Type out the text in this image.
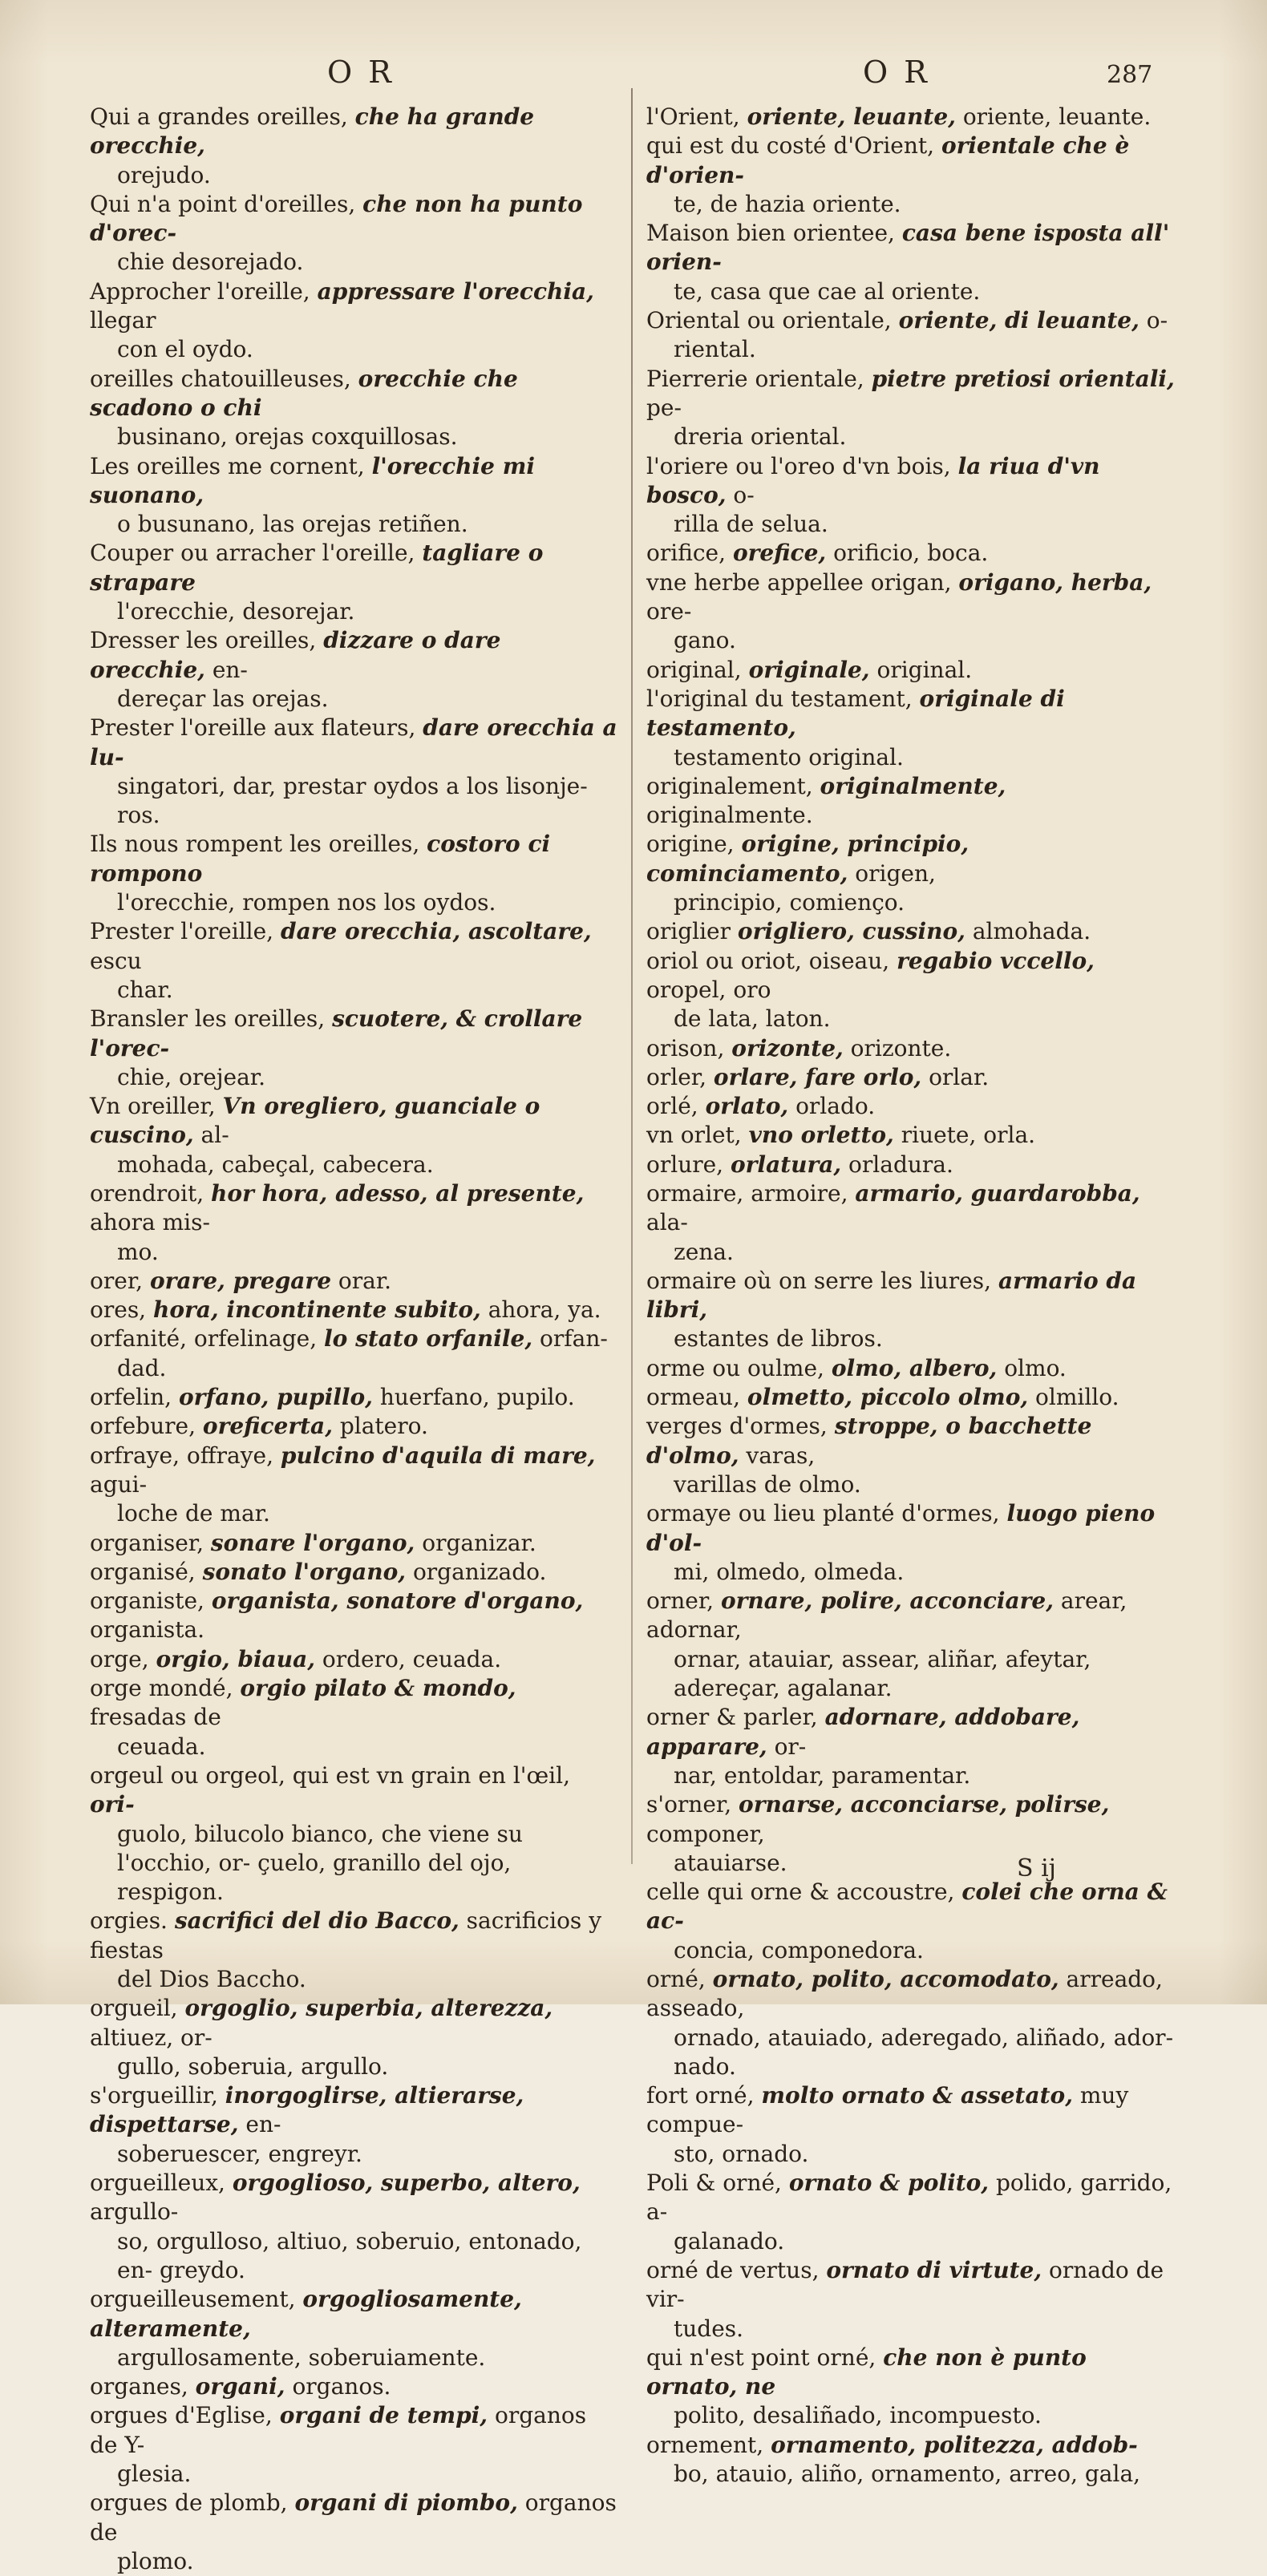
O R	O R	287

Qui a grandes oreilles, che ha grande orecchie,
orejudo.

Qui n'a point d'oreilles, che non ha punto d'orec-
chie desorejado.

Approcher l'oreille, appressare l'orecchia, llegar
con el oydo.

oreilles chatouilleuses, orecchie che scadono o chi
businano, orejas coxquillosas.

Les oreilles me cornent, l'orecchie mi suonano,
o busunano, las orejas retiñen.

Couper ou arracher l'oreille, tagliare o strapare
l'orecchie, desorejar.

Dresser les oreilles, dizzare o dare orecchie, en-
dereçar las orejas.

Prester l'oreille aux flateurs, dare orecchia a lu-
singatori, dar, prestar oydos a los lisonje- ros.

Ils nous rompent les oreilles, costoro ci rompono
l'orecchie, rompen nos los oydos.

Prester l'oreille, dare orecchia, ascoltare, escu
char.

Bransler les oreilles, scuotere, & crollare l'orec-
chie, orejear.

Vn oreiller, Vn oregliero, guanciale o cuscino, al-
mohada, cabeçal, cabecera.

orendroit, hor hora, adesso, al presente, ahora mis-
mo.

orer, orare, pregare orar.

ores, hora, incontinente subito, ahora, ya.

orfanité, orfelinage, lo stato orfanile, orfan-
dad.

orfelin, orfano, pupillo, huerfano, pupilo.

orfebure, oreficerta, platero.

orfraye, offraye, pulcino d'aquila di mare, agui-
loche de mar.

organiser, sonare l'organo, organizar.

organisé, sonato l'organo, organizado.

organiste, organista, sonatore d'organo, organista.

orge, orgio, biaua, ordero, ceuada.

orge mondé, orgio pilato & mondo, fresadas de
ceuada.

orgeul ou orgeol, qui est vn grain en l'œil, ori-
guolo, bilucolo bianco, che viene su l'occhio, or- çuelo, granillo del ojo, respigon.

orgies. sacrifici del dio Bacco, sacrificios y fiestas
del Dios Baccho.

orgueil, orgoglio, superbia, alterezza, altiuez, or-
gullo, soberuia, argullo.

s'orgueillir, inorgoglirse, altierarse, dispettarse, en-
soberuescer, engreyr.

orgueilleux, orgoglioso, superbo, altero, argullo-
so, orgulloso, altiuo, soberuio, entonado, en- greydo.

orgueilleusement, orgogliosamente, alteramente,
argullosamente, soberuiamente.

organes, organi, organos.

orgues d'Eglise, organi de tempi, organos de Y-
glesia.

orgues de plomb, organi di piombo, organos de
plomo.

l'Orient, oriente, leuante, oriente, leuante.

qui est du costé d'Orient, orientale che è d'orien-
te, de hazia oriente.

Maison bien orientee, casa bene isposta all' orien-
te, casa que cae al oriente.

Oriental ou orientale, oriente, di leuante, o-
riental.

Pierrerie orientale, pietre pretiosi orientali, pe-
dreria oriental.

l'oriere ou l'oreo d'vn bois, la riua d'vn bosco, o-
rilla de selua.

orifice, orefice, orificio, boca.

vne herbe appellee origan, origano, herba, ore-
gano.

original, originale, original.

l'original du testament, originale di testamento,
testamento original.

originalement, originalmente, originalmente.

origine, origine, principio, cominciamento, origen,
principio, comienço.

origlier origliero, cussino, almohada.

oriol ou oriot, oiseau, regabio vccello, oropel, oro
de lata, laton.

orison, orizonte, orizonte.

orler, orlare, fare orlo, orlar.

orlé, orlato, orlado.

vn orlet, vno orletto, riuete, orla.

orlure, orlatura, orladura.

ormaire, armoire, armario, guardarobba, ala-
zena.

ormaire où on serre les liures, armario da libri,
estantes de libros.

orme ou oulme, olmo, albero, olmo.

ormeau, olmetto, piccolo olmo, olmillo.

verges d'ormes, stroppe, o bacchette d'olmo, varas,
varillas de olmo.

ormaye ou lieu planté d'ormes, luogo pieno d'ol-
mi, olmedo, olmeda.

orner, ornare, polire, acconciare, arear, adornar,
ornar, atauiar, assear, aliñar, afeytar, adereçar, agalanar.

orner & parler, adornare, addobare, apparare, or-
nar, entoldar, paramentar.

s'orner, ornarse, acconciarse, polirse, componer,
atauiarse.

celle qui orne & accoustre, colei che orna & ac-
concia, componedora.

orné, ornato, polito, accomodato, arreado, asseado,
ornado, atauiado, aderegado, aliñado, ador- nado.

fort orné, molto ornato & assetato, muy compue-
sto, ornado.

Poli & orné, ornato & polito, polido, garrido, a-
galanado.

orné de vertus, ornato di virtute, ornado de vir-
tudes.

qui n'est point orné, che non è punto ornato, ne
polito, desaliñado, incompuesto.

ornement, ornamento, politezza, addob-
bo, atauio, aliño, ornamento, arreo, gala,

S ij
